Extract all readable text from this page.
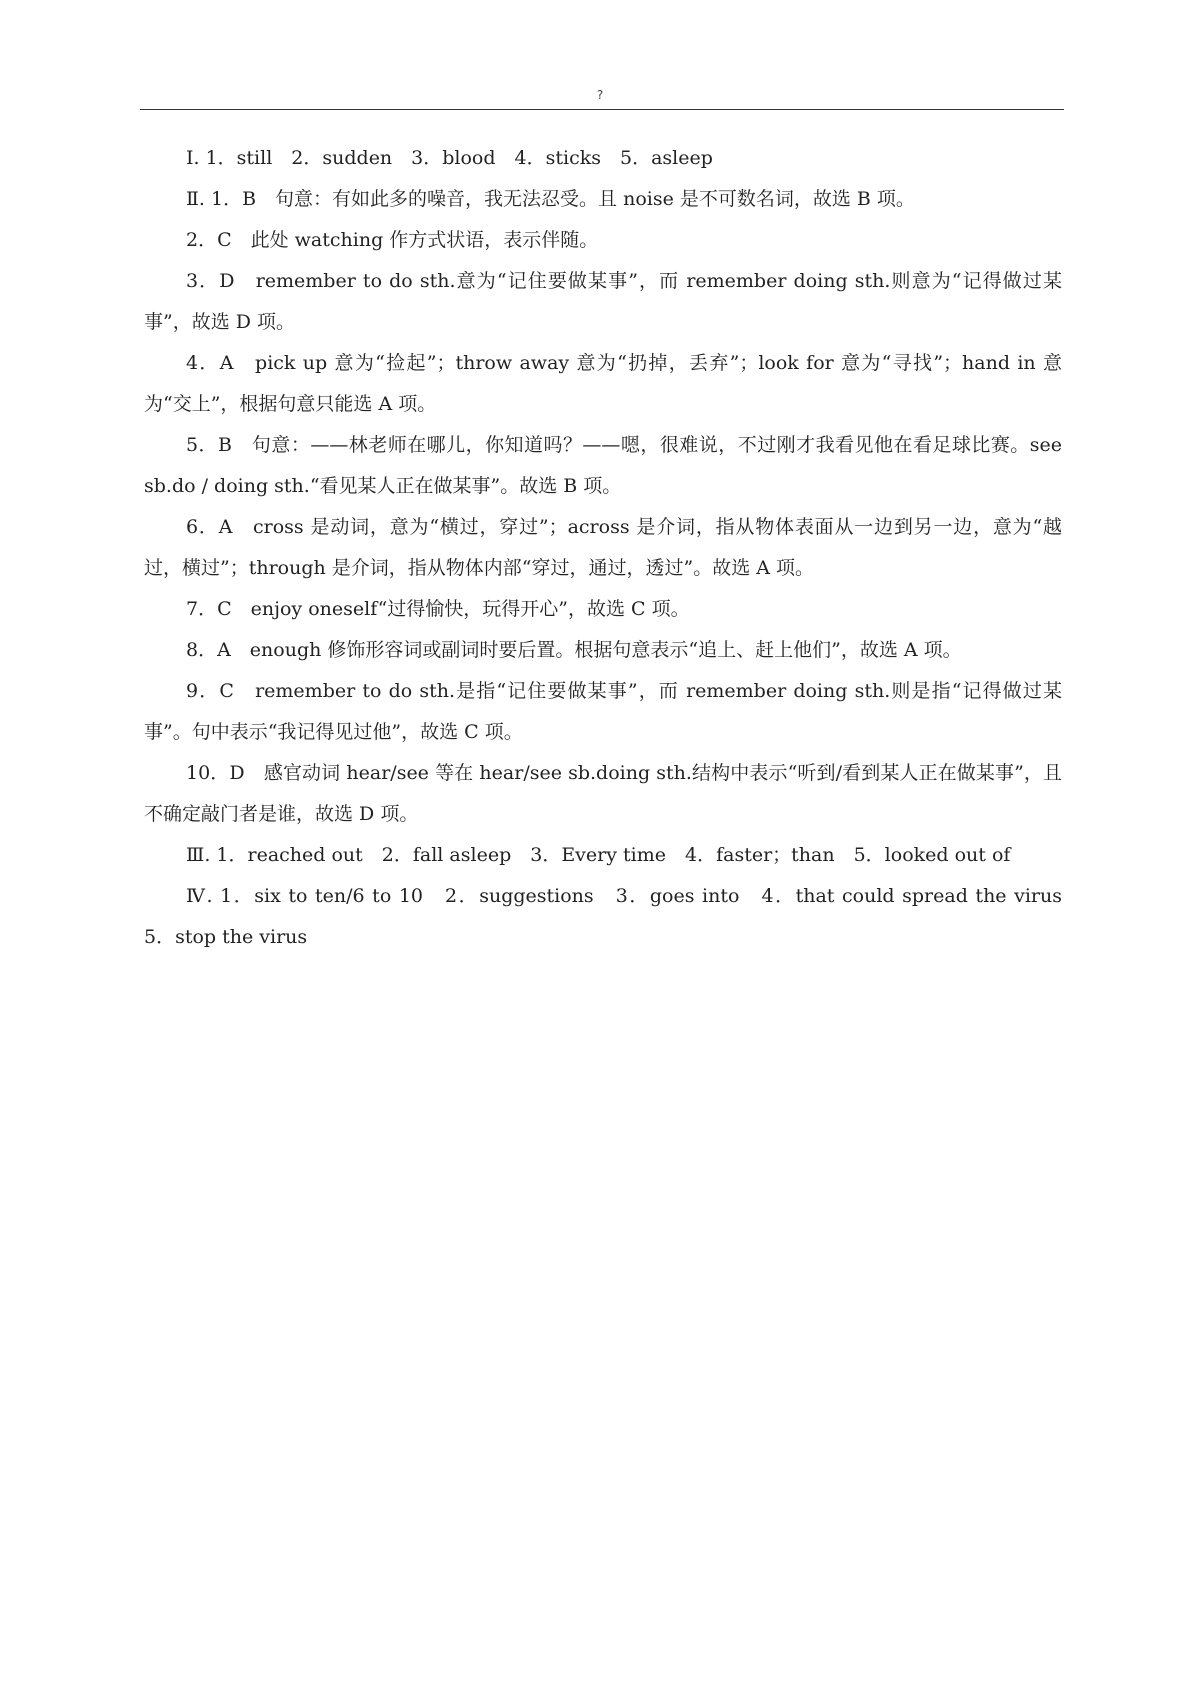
?

Ⅰ. 1．still　2．sudden　3．blood　4．sticks　5．asleep

Ⅱ. 1．B　句意：有如此多的噪音，我无法忍受。且 noise 是不可数名词，故选 B 项。

2．C　此处 watching 作方式状语，表示伴随。

3．D　remember to do sth.意为“记住要做某事”，而 remember doing sth.则意为“记得做过某事”，故选 D 项。

4．A　pick up 意为“捡起”；throw away 意为“扔掉，丢弃”；look for 意为“寻找”；hand in 意为“交上”，根据句意只能选 A 项。

5．B　句意：——林老师在哪儿，你知道吗？——嗯，很难说，不过刚才我看见他在看足球比赛。see sb.do / doing sth.“看见某人正在做某事”。故选 B 项。

6．A　cross 是动词，意为“横过，穿过”；across 是介词，指从物体表面从一边到另一边，意为“越过，横过”；through 是介词，指从物体内部“穿过，通过，透过”。故选 A 项。

7．C　enjoy oneself“过得愉快，玩得开心”，故选 C 项。

8．A　enough 修饰形容词或副词时要后置。根据句意表示“追上、赶上他们”，故选 A 项。

9．C　remember to do sth.是指“记住要做某事”，而 remember doing sth.则是指“记得做过某事”。句中表示“我记得见过他”，故选 C 项。

10．D　感官动词 hear/see 等在 hear/see sb.doing sth.结构中表示“听到/看到某人正在做某事”，且不确定敲门者是谁，故选 D 项。

Ⅲ. 1．reached out　2．fall asleep　3．Every time　4．faster；than　5．looked out of

Ⅳ. 1．six to ten/6 to 10　2．suggestions　3．goes into　4．that could spread the virus　5．stop the virus
